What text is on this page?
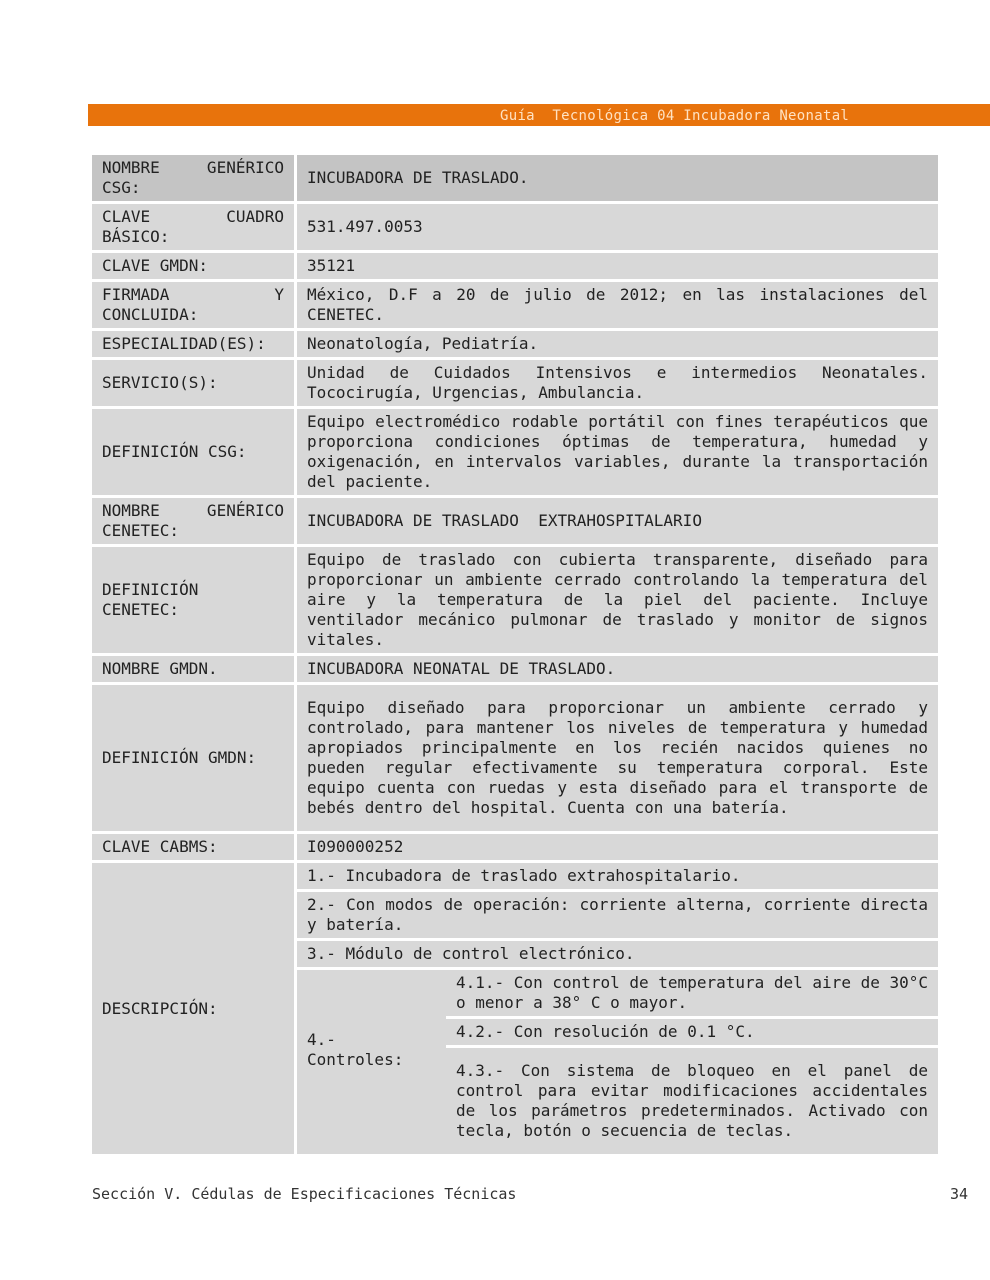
Guía  Tecnológica 04 Incubadora Neonatal
NOMBRE GENÉRICO CSG:	INCUBADORA DE TRASLADO.
CLAVE CUADRO BÁSICO:	531.497.0053
CLAVE GMDN:	35121
FIRMADA Y CONCLUIDA:	México, D.F a 20 de julio de 2012; en las instalaciones del CENETEC.
ESPECIALIDAD(ES):	Neonatología, Pediatría.
SERVICIO(S):	Unidad de Cuidados Intensivos e intermedios Neonatales. Tococirugía, Urgencias, Ambulancia.
DEFINICIÓN CSG:	Equipo electromédico rodable portátil con fines terapéuticos que proporciona condiciones óptimas de temperatura, humedad y oxigenación, en intervalos variables, durante la transportación del paciente.
NOMBRE GENÉRICO CENETEC:	INCUBADORA DE TRASLADO  EXTRAHOSPITALARIO
DEFINICIÓN CENETEC:	Equipo de traslado con cubierta transparente, diseñado para proporcionar un ambiente cerrado controlando la temperatura del aire y la temperatura de la piel del paciente. Incluye ventilador mecánico pulmonar de traslado y monitor de signos vitales.
NOMBRE GMDN.	INCUBADORA NEONATAL DE TRASLADO.
DEFINICIÓN GMDN:	Equipo diseñado para proporcionar un ambiente cerrado y controlado, para mantener los niveles de temperatura y humedad apropiados principalmente en los recién nacidos quienes no pueden regular efectivamente su temperatura corporal. Este equipo cuenta con ruedas y esta diseñado para el transporte de bebés dentro del hospital. Cuenta con una batería.
CLAVE CABMS:	I090000252
DESCRIPCIÓN:	
1.- Incubadora de traslado extrahospitalario.
2.- Con modos de operación: corriente alterna, corriente directa y batería.
3.- Módulo de control electrónico.
4.- Controles:	4.1.- Con control de temperatura del aire de 30°C o menor a 38° C o mayor.
4.2.- Con resolución de 0.1 °C.
4.3.- Con sistema de bloqueo en el panel de control para evitar modificaciones accidentales de los parámetros predeterminados. Activado con tecla, botón o secuencia de teclas.
Sección V. Cédulas de Especificaciones Técnicas	34
